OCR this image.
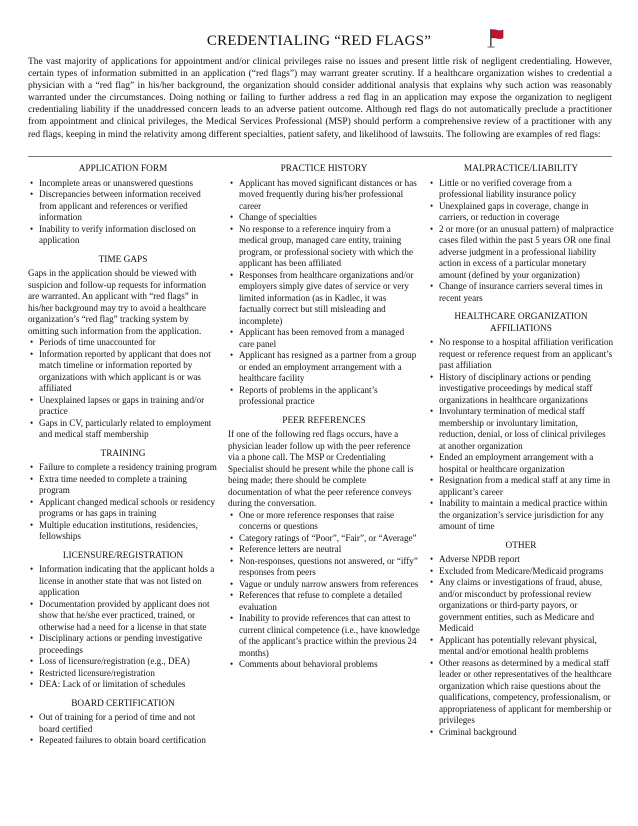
CREDENTIALING “RED FLAGS”
The vast majority of applications for appointment and/or clinical privileges raise no issues and present little risk of negligent credentialing. However, certain types of information submitted in an application (“red flags”) may warrant greater scrutiny. If a healthcare organization wishes to credential a physician with a “red flag” in his/her background, the organization should consider additional analysis that explains why such action was reasonably warranted under the circumstances. Doing nothing or failing to further address a red flag in an application may expose the organization to negligent credentialing liability if the unaddressed concern leads to an adverse patient outcome. Although red flags do not automatically preclude a practitioner from appointment and clinical privileges, the Medical Services Professional (MSP) should perform a comprehensive review of a practitioner with any red flags, keeping in mind the relativity among different specialties, patient safety, and likelihood of lawsuits. The following are examples of red flags:
APPLICATION FORM
• Incomplete areas or unanswered questions
• Discrepancies between information received from applicant and references or verified information
• Inability to verify information disclosed on application
TIME GAPS

Gaps in the application should be viewed with suspicion and follow-up requests for information are warranted. An applicant with “red flags” in his/her background may try to avoid a healthcare organization’s “red flag” tracking system by omitting such information from the application.

• Periods of time unaccounted for
• Information reported by applicant that does not match timeline or information reported by organizations with which applicant is or was affiliated
• Unexplained lapses or gaps in training and/or practice
• Gaps in CV, particularly related to employment and medical staff membership
TRAINING
• Failure to complete a residency training program
• Extra time needed to complete a training program
• Applicant changed medical schools or residency programs or has gaps in training
• Multiple education institutions, residencies, fellowships
LICENSURE/REGISTRATION
• Information indicating that the applicant holds a license in another state that was not listed on application
• Documentation provided by applicant does not show that he/she ever practiced, trained, or otherwise had a need for a license in that state
• Disciplinary actions or pending investigative proceedings
• Loss of licensure/registration (e.g., DEA)
• Restricted licensure/registration
• DEA: Lack of or limitation of schedules
BOARD CERTIFICATION
• Out of training for a period of time and not board certified
• Repeated failures to obtain board certification
PRACTICE HISTORY
• Applicant has moved significant distances or has moved frequently during his/her professional career
• Change of specialties
• No response to a reference inquiry from a medical group, managed care entity, training program, or professional society with which the applicant has been affiliated
• Responses from healthcare organizations and/or employers simply give dates of service or very limited information (as in Kadlec, it was factually correct but still misleading and incomplete)
• Applicant has been removed from a managed care panel
• Applicant has resigned as a partner from a group or ended an employment arrangement with a healthcare facility
• Reports of problems in the applicant’s professional practice
PEER REFERENCES

If one of the following red flags occurs, have a physician leader follow up with the peer reference via a phone call. The MSP or Credentialing Specialist should be present while the phone call is being made; there should be complete documentation of what the peer reference conveys during the conversation.

• One or more reference responses that raise concerns or questions
• Category ratings of “Poor”, “Fair”, or “Average”
• Reference letters are neutral
• Non-responses, questions not answered, or “iffy” responses from peers
• Vague or unduly narrow answers from references
• References that refuse to complete a detailed evaluation
• Inability to provide references that can attest to current clinical competence (i.e., have knowledge of the applicant’s practice within the previous 24 months)
• Comments about behavioral problems
MALPRACTICE/LIABILITY
• Little or no verified coverage from a professional liability insurance policy
• Unexplained gaps in coverage, change in carriers, or reduction in coverage
• 2 or more (or an unusual pattern) of malpractice cases filed within the past 5 years OR one final adverse judgment in a professional liability action in excess of a particular monetary amount (defined by your organization)
• Change of insurance carriers several times in recent years
HEALTHCARE ORGANIZATION AFFILIATIONS
• No response to a hospital affiliation verification request or reference request from an applicant’s past affiliation
• History of disciplinary actions or pending investigative proceedings by medical staff organizations in healthcare organizations
• Involuntary termination of medical staff membership or involuntary limitation, reduction, denial, or loss of clinical privileges at another organization
• Ended an employment arrangement with a hospital or healthcare organization
• Resignation from a medical staff at any time in applicant’s career
• Inability to maintain a medical practice within the organization’s service jurisdiction for any amount of time
OTHER
• Adverse NPDB report
• Excluded from Medicare/Medicaid programs
• Any claims or investigations of fraud, abuse, and/or misconduct by professional review organizations or third-party payors, or government entities, such as Medicare and Medicaid
• Applicant has potentially relevant physical, mental and/or emotional health problems
• Other reasons as determined by a medical staff leader or other representatives of the healthcare organization which raise questions about the qualifications, competency, professionalism, or appropriateness of applicant for membership or privileges
• Criminal background
